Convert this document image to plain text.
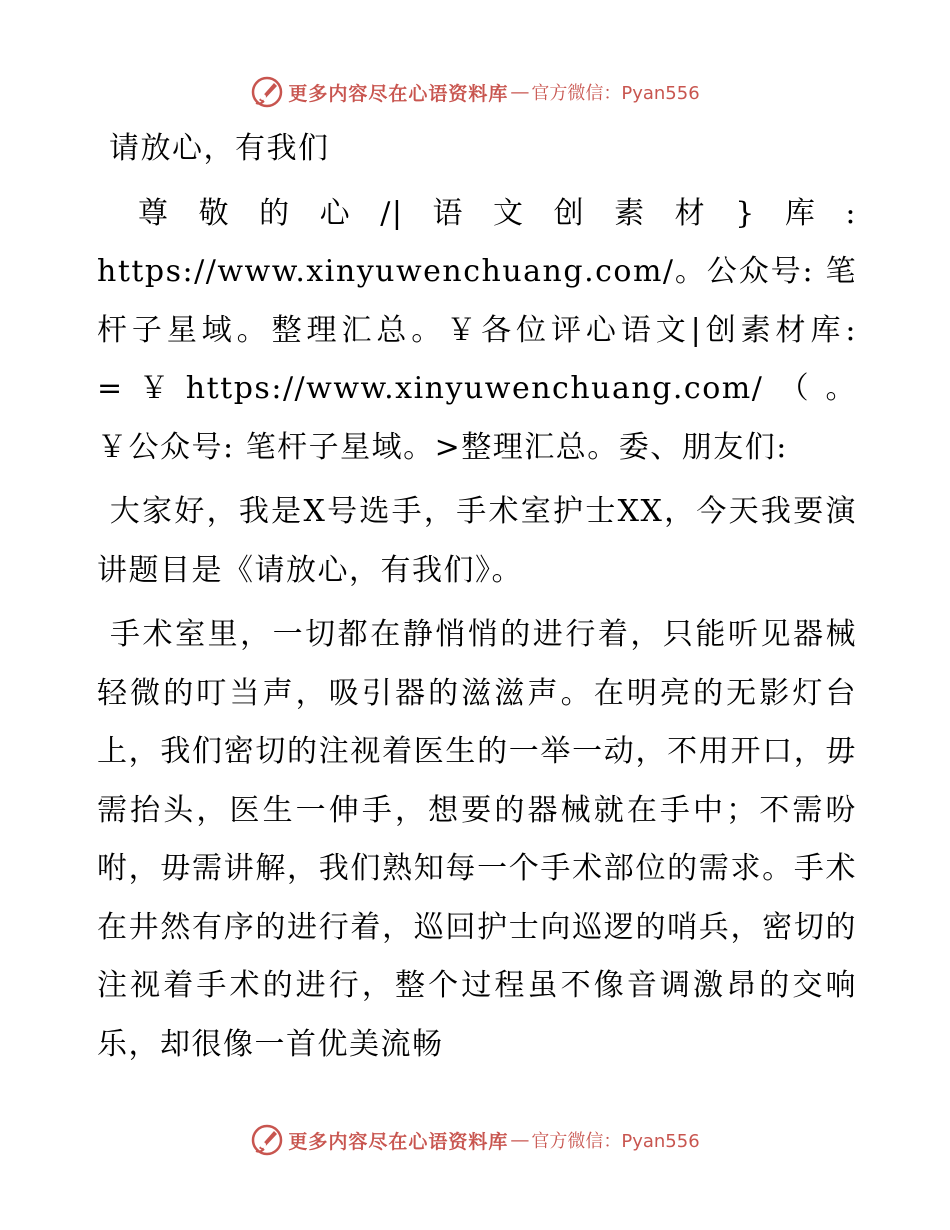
更多内容尽在心语资料库 — 官方微信：Pyan556

请放心，有我们

尊敬的心/|语文创素材}库: https://www.xinyuwenchuang.com/。公众号: 笔杆子星域。整理汇总。￥各位评心语文|创素材库: =￥https://www.xinyuwenchuang.com/（。￥公众号: 笔杆子星域。>整理汇总。委、朋友们:

大家好，我是X号选手，手术室护士XX，今天我要演讲题目是《请放心，有我们》。

手术室里，一切都在静悄悄的进行着，只能听见器械轻微的叮当声，吸引器的滋滋声。在明亮的无影灯台上，我们密切的注视着医生的一举一动，不用开口，毋需抬头，医生一伸手，想要的器械就在手中；不需吩咐，毋需讲解，我们熟知每一个手术部位的需求。手术在井然有序的进行着，巡回护士向巡逻的哨兵，密切的注视着手术的进行，整个过程虽不像音调激昂的交响乐，却很像一首优美流畅

更多内容尽在心语资料库 — 官方微信：Pyan556
